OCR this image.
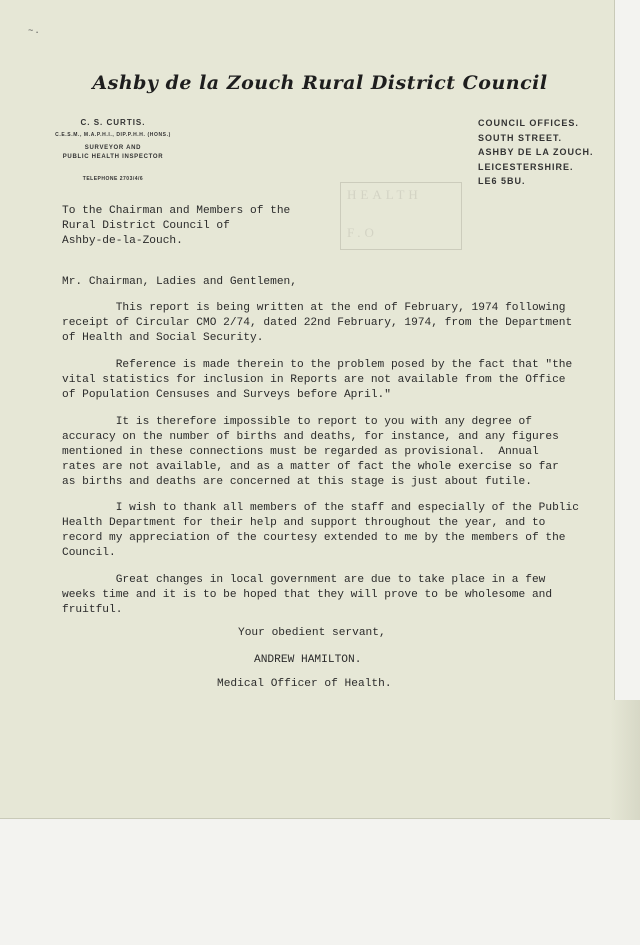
~.
Ashby de la Zouch Rural District Council
C. S. CURTIS.
C.E.S.M., M.A.P.H.I., DIP.P.H.H. (HONS.)
SURVEYOR AND
PUBLIC HEALTH INSPECTOR
TELEPHONE 2703/4/6
COUNCIL OFFICES.
SOUTH STREET.
ASHBY DE LA ZOUCH.
LEICESTERSHIRE.
LE6 5BU.
HEALTH
F.O
To the Chairman and Members of the
Rural District Council of
Ashby-de-la-Zouch.
Mr. Chairman, Ladies and Gentlemen,
This report is being written at the end of February, 1974 following
receipt of Circular CMO 2/74, dated 22nd February, 1974, from the Department
of Health and Social Security.
Reference is made therein to the problem posed by the fact that "the
vital statistics for inclusion in Reports are not available from the Office
of Population Censuses and Surveys before April."
It is therefore impossible to report to you with any degree of
accuracy on the number of births and deaths, for instance, and any figures
mentioned in these connections must be regarded as provisional.  Annual
rates are not available, and as a matter of fact the whole exercise so far
as births and deaths are concerned at this stage is just about futile.
I wish to thank all members of the staff and especially of the Public
Health Department for their help and support throughout the year, and to
record my appreciation of the courtesy extended to me by the members of the
Council.
Great changes in local government are due to take place in a few
weeks time and it is to be hoped that they will prove to be wholesome and
fruitful.
Your obedient servant,
ANDREW HAMILTON.
Medical Officer of Health.
